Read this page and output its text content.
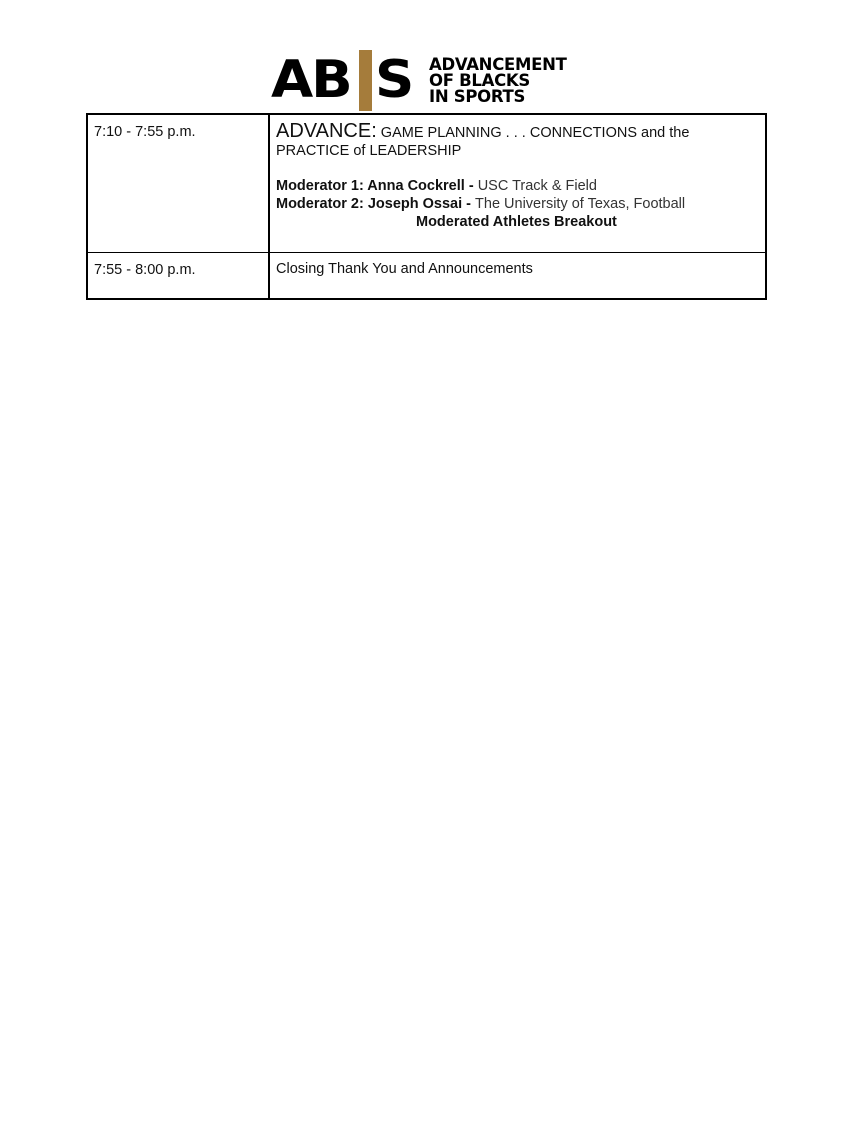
AB S ADVANCEMENT
OF BLACKS
IN SPORTS
7:10 - 7:55 p.m.	ADVANCE: GAME PLANNING . . . CONNECTIONS and the PRACTICE of LEADERSHIP
Moderator 1: Anna Cockrell - USC Track & Field
Moderator 2: Joseph Ossai - The University of Texas, Football
Moderated Athletes Breakout

7:55 - 8:00 p.m.	Closing Thank You and Announcements
